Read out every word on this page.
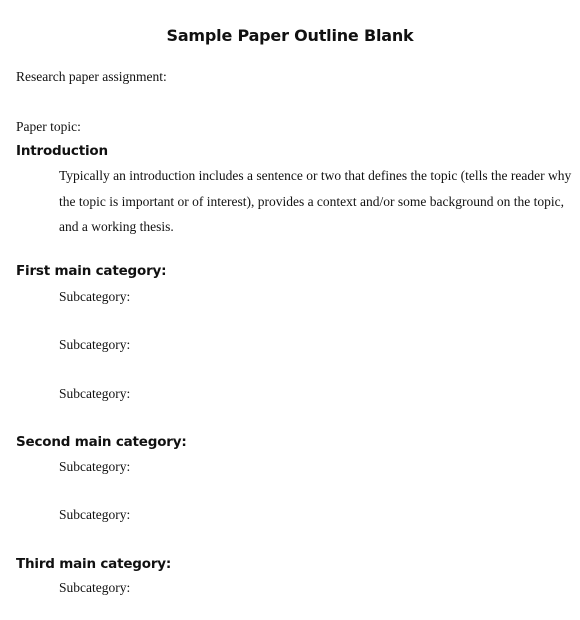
Sample Paper Outline Blank
Research paper assignment:
Paper topic:
Introduction
Typically an introduction includes a sentence or two that defines the topic (tells the reader why
the topic is important or of interest), provides a context and/or some background on the topic,
and a working thesis.
First main category:
Subcategory:
Subcategory:
Subcategory:
Second main category:
Subcategory:
Subcategory:
Third main category:
Subcategory:
